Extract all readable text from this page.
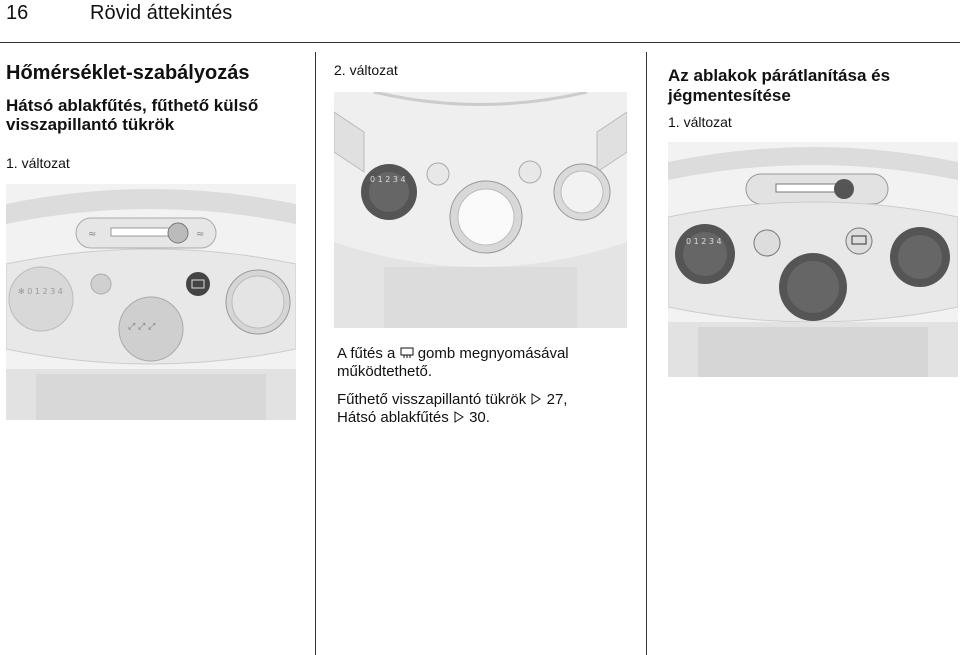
16	Rövid áttekintés
Hőmérséklet-szabályozás
Hátsó ablakfűtés, fűthető külső
visszapillantó tükrök
1. változat
≈	≈
✻ 0 1 2 3 4
⤢ ⤢ ⤢
2. változat
0 1 2 3 4
A fűtés a gomb megnyomásával
működtethető.
Fűthető visszapillantó tükrök 27,
Hátsó ablakfűtés 30.
Az ablakok párátlanítása és
jégmentesítése
1. változat
0 1 2 3 4
